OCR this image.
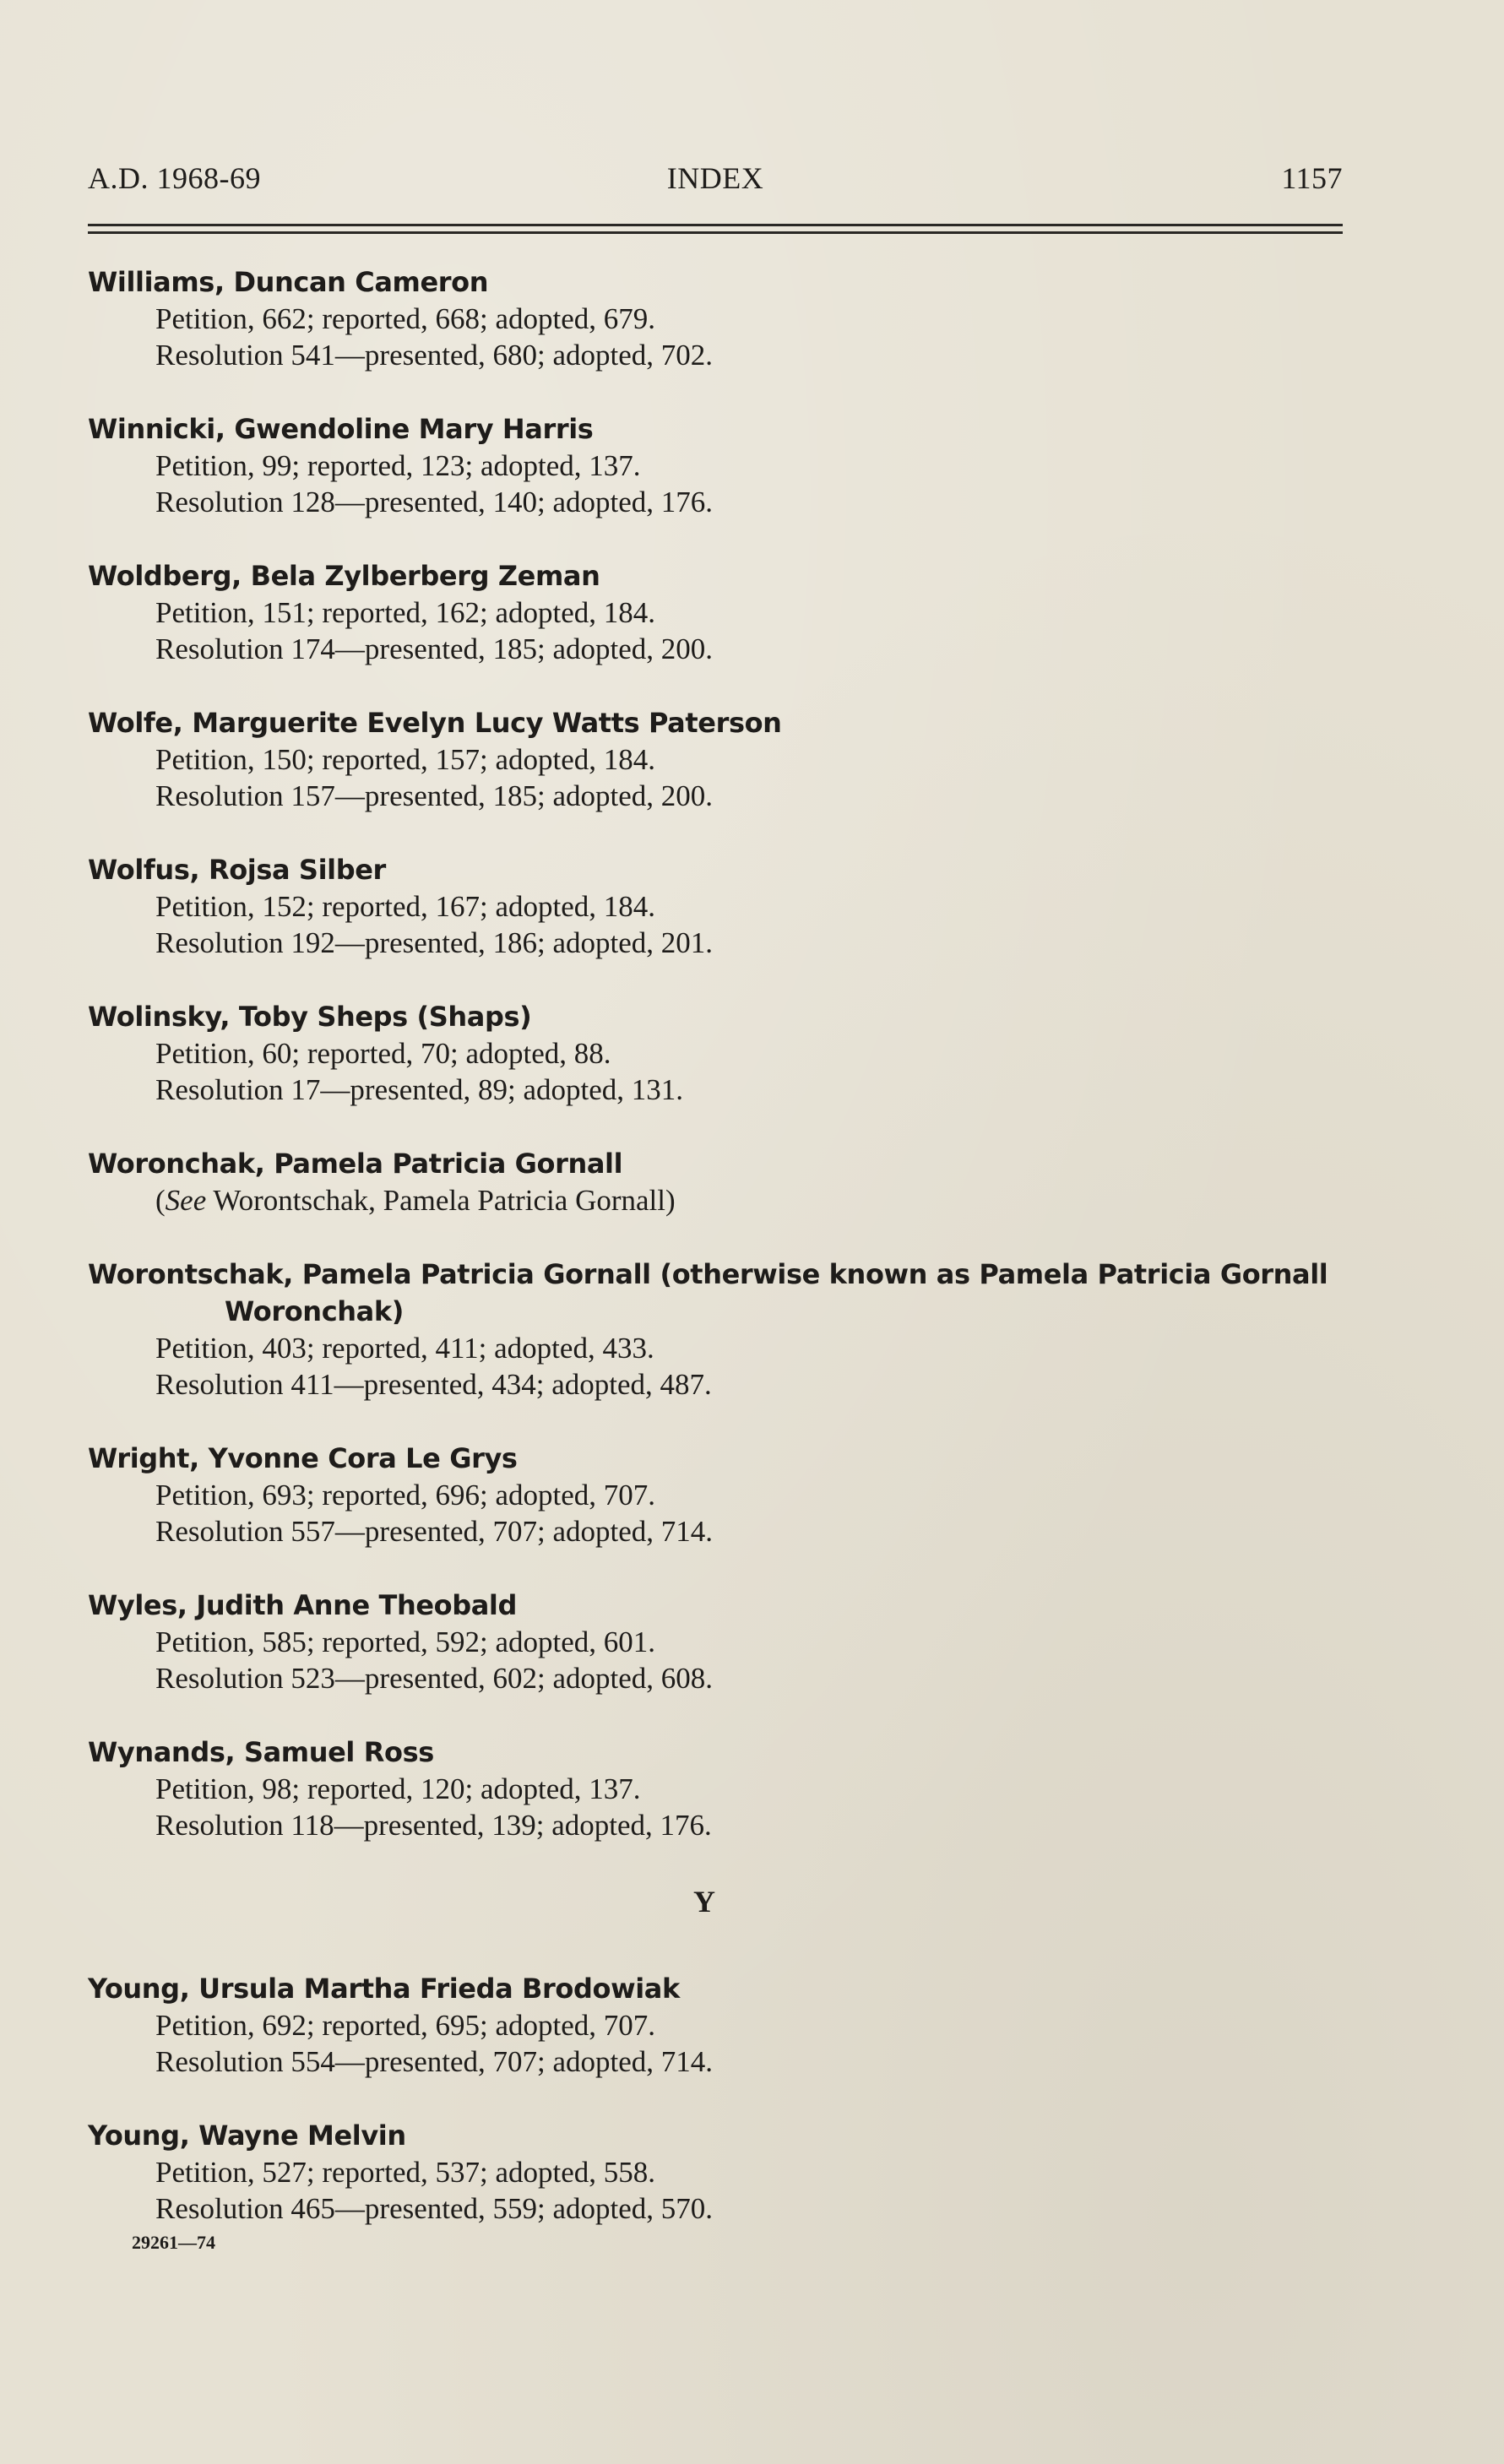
A.D. 1968-69	INDEX	1157
Williams, Duncan Cameron
Petition, 662; reported, 668; adopted, 679.
Resolution 541—presented, 680; adopted, 702.
Winnicki, Gwendoline Mary Harris
Petition, 99; reported, 123; adopted, 137.
Resolution 128—presented, 140; adopted, 176.
Woldberg, Bela Zylberberg Zeman
Petition, 151; reported, 162; adopted, 184.
Resolution 174—presented, 185; adopted, 200.
Wolfe, Marguerite Evelyn Lucy Watts Paterson
Petition, 150; reported, 157; adopted, 184.
Resolution 157—presented, 185; adopted, 200.
Wolfus, Rojsa Silber
Petition, 152; reported, 167; adopted, 184.
Resolution 192—presented, 186; adopted, 201.
Wolinsky, Toby Sheps (Shaps)
Petition, 60; reported, 70; adopted, 88.
Resolution 17—presented, 89; adopted, 131.
Woronchak, Pamela Patricia Gornall
(See Worontschak, Pamela Patricia Gornall)
Worontschak, Pamela Patricia Gornall (otherwise known as Pamela Patricia Gornall
Woronchak)
Petition, 403; reported, 411; adopted, 433.
Resolution 411—presented, 434; adopted, 487.
Wright, Yvonne Cora Le Grys
Petition, 693; reported, 696; adopted, 707.
Resolution 557—presented, 707; adopted, 714.
Wyles, Judith Anne Theobald
Petition, 585; reported, 592; adopted, 601.
Resolution 523—presented, 602; adopted, 608.
Wynands, Samuel Ross
Petition, 98; reported, 120; adopted, 137.
Resolution 118—presented, 139; adopted, 176.
Y
Young, Ursula Martha Frieda Brodowiak
Petition, 692; reported, 695; adopted, 707.
Resolution 554—presented, 707; adopted, 714.
Young, Wayne Melvin
Petition, 527; reported, 537; adopted, 558.
Resolution 465—presented, 559; adopted, 570.
29261—74
